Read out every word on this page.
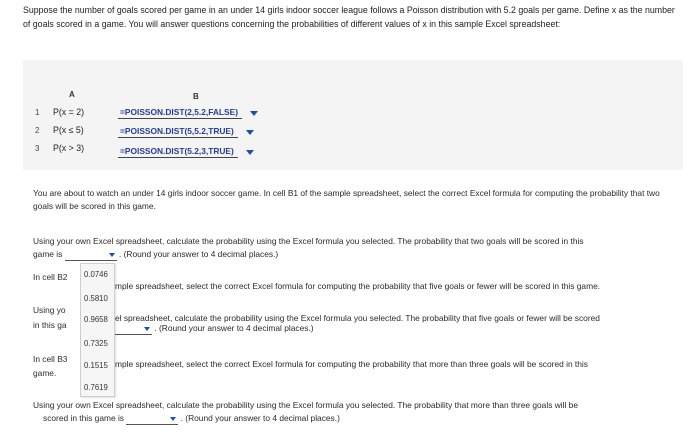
Suppose the number of goals scored per game in an under 14 girls indoor soccer league follows a Poisson distribution with 5.2 goals per game. Define x as the number of goals scored in a game. You will answer questions concerning the probabilities of different values of x in this sample Excel spreadsheet:
A	B
1 P(x = 2)	=POISSON.DIST(2,5.2,FALSE)
2 P(x ≤ 5)	=POISSON.DIST(5,5.2,TRUE)
3 P(x > 3)	=POISSON.DIST(5.2,3,TRUE)
You are about to watch an under 14 girls indoor soccer game. In cell B1 of the sample spreadsheet, select the correct Excel formula for computing the probability that two goals will be scored in this game.
Using your own Excel spreadsheet, calculate the probability using the Excel formula you selected. The probability that two goals will be scored in this
game is	. (Round your answer to 4 decimal places.)
In cell B2
mple spreadsheet, select the correct Excel formula for computing the probability that five goals or fewer will be scored in this game.
Using yo
el spreadsheet, calculate the probability using the Excel formula you selected. The probability that five goals or fewer will be scored
in this ga	. (Round your answer to 4 decimal places.)
In cell B3	mple spreadsheet, select the correct Excel formula for computing the probability that more than three goals will be scored in this
game.
Using your own Excel spreadsheet, calculate the probability using the Excel formula you selected. The probability that more than three goals will be
scored in this game is	. (Round your answer to 4 decimal places.)
0.0746
0.5810
0.9658
0.7325
0.1515
0.7619
